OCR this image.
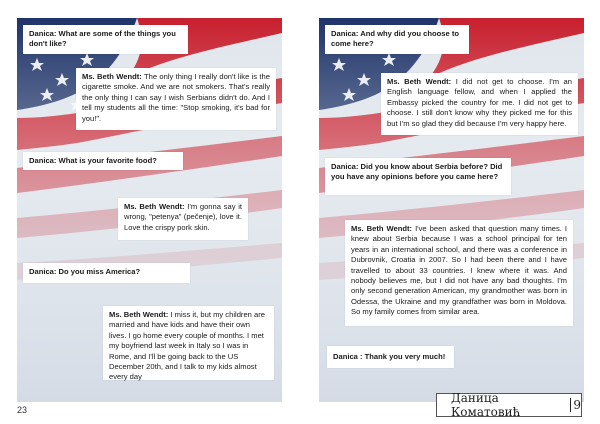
Danica: What are some of the things you don't like?
Ms. Beth Wendt: The only thing I really don't like is the cigarette smoke. And we are not smokers. That's really the only thing I can say I wish Serbians didn't do. And I tell my students all the time: "Stop smoking, it's bad for you!".
Danica: What is your favorite food?
Ms. Beth Wendt: I'm gonna say it wrong, "petenya" (pečenje), love it. Love the crispy pork skin.
Danica: Do you miss America?
Ms. Beth Wendt: I miss it, but my children are married and have kids and have their own lives. I go home every couple of months. I met my boyfriend last week in Italy so I was in Rome, and I'll be going back to the US December 20th, and I talk to my kids almost every day
23
Danica: And why did you choose to come here?
Ms. Beth Wendt: I did not get to choose. I'm an English language fellow, and when I applied the Embassy picked the country for me. I did not get to choose. I still don't know why they picked me for this but I'm so glad they did because I'm very happy here.
Danica: Did you know about Serbia before? Did you have any opinions before you came here?
Ms. Beth Wendt: I've been asked that question many times. I knew about Serbia because I was a school principal for ten years in an international school, and there was a conference in Dubrovnik, Croatia in 2007. So I had been there and I have travelled to about 33 countries. I knew where it was. And nobody believes me, but I did not have any bad thoughts. I'm only second generation American, my grandmother was born in Odessa, the Ukraine and my grandfather was born in Moldova. So my family comes from similar area.
Danica : Thank you very much!
Даница Коматовић	9
